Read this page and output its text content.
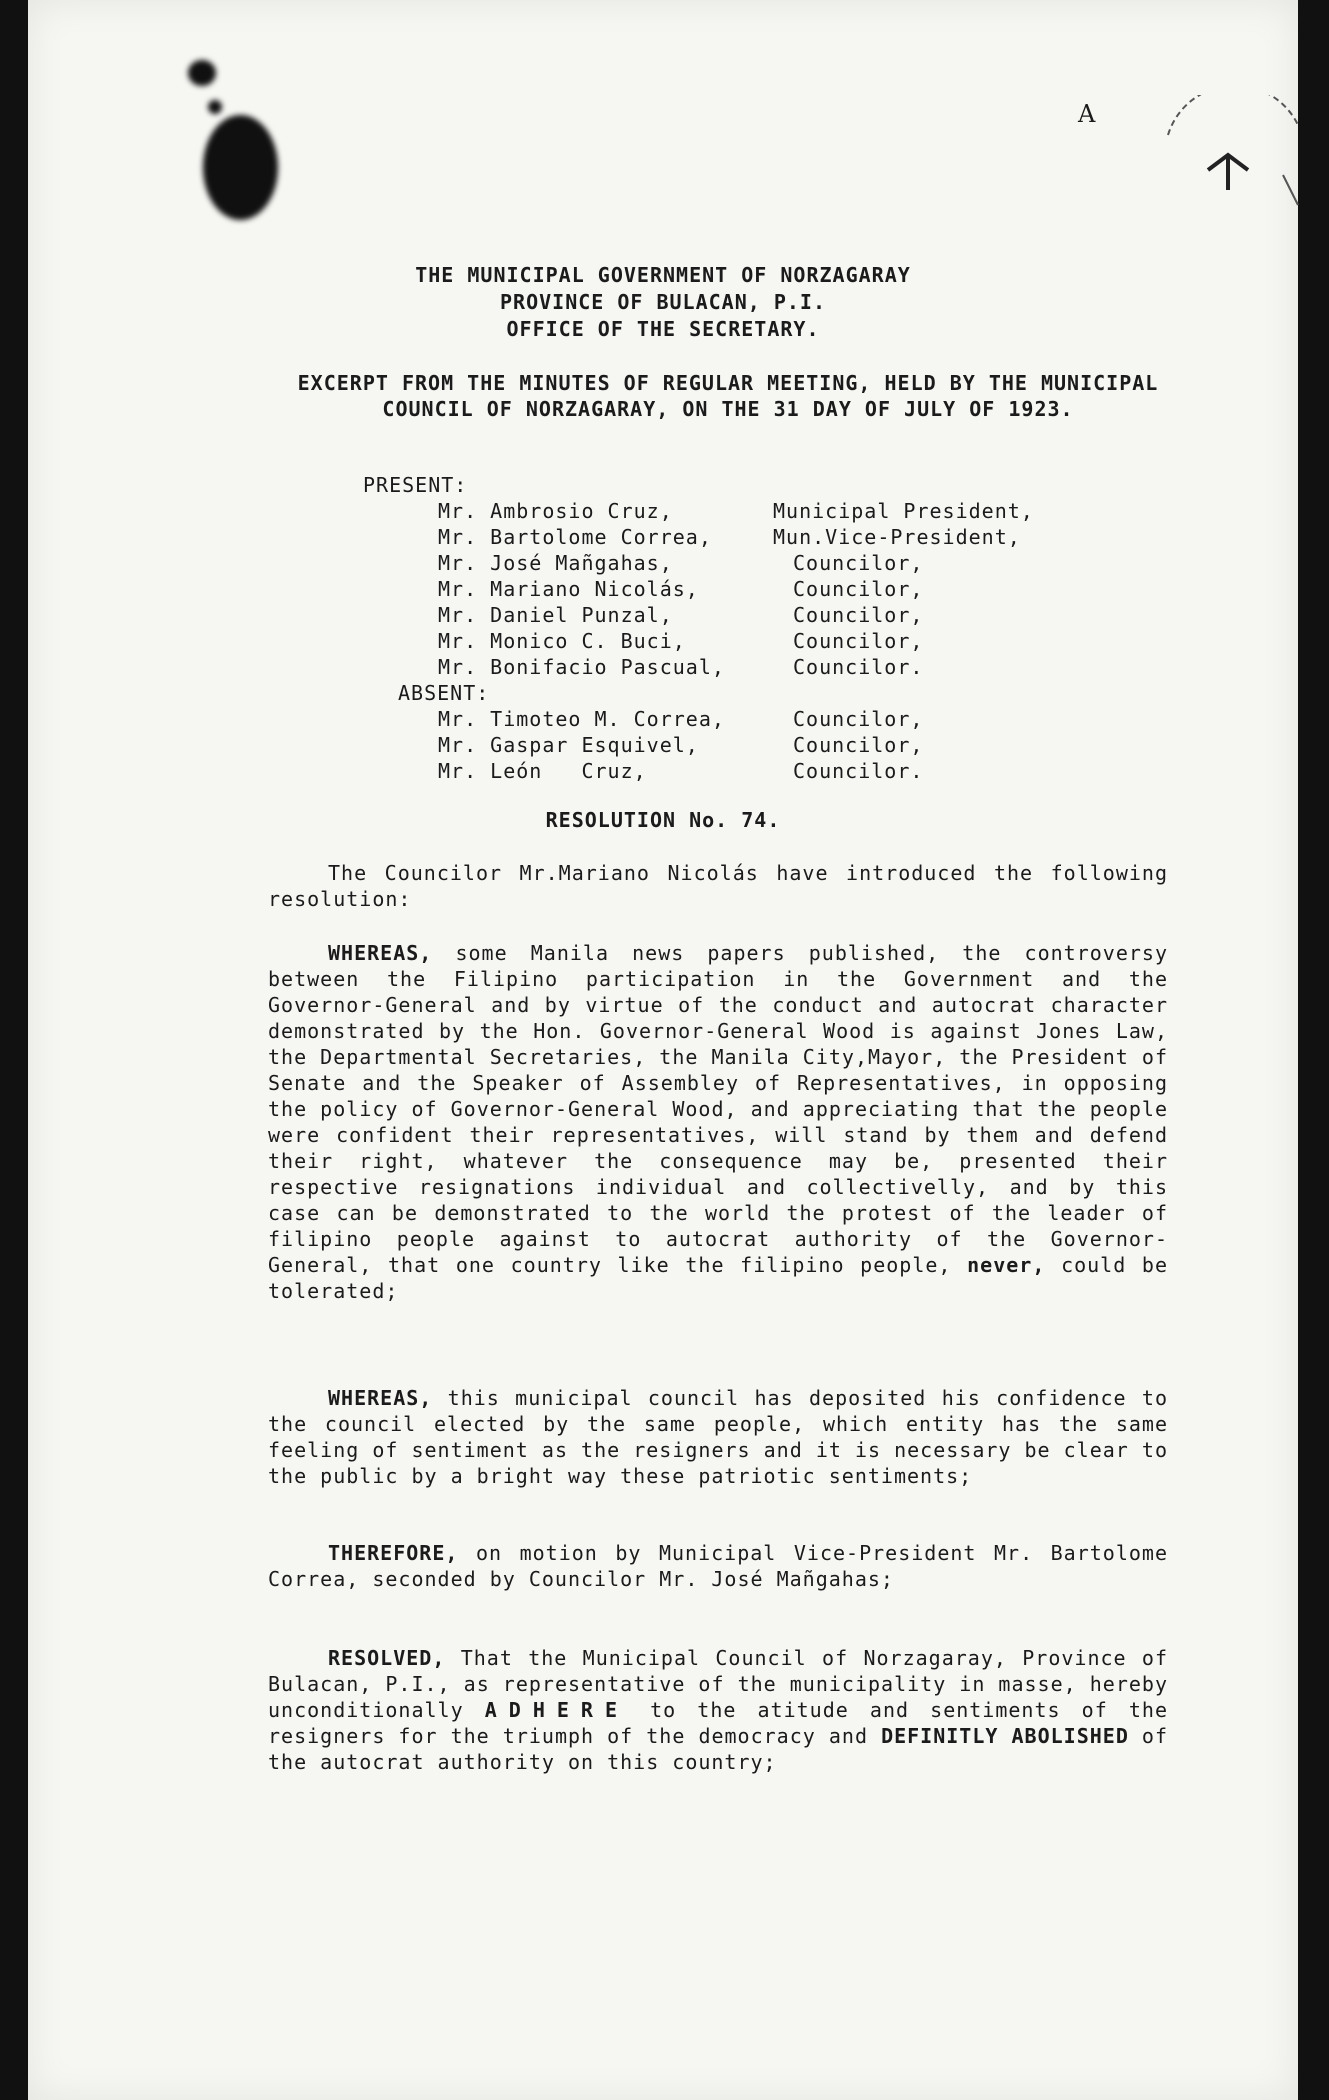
A
THE MUNICIPAL GOVERNMENT OF NORZAGARAY
PROVINCE OF BULACAN, P.I.
OFFICE OF THE SECRETARY.
EXCERPT FROM THE MINUTES OF REGULAR MEETING, HELD BY THE MUNICIPAL COUNCIL OF NORZAGARAY, ON THE 31 DAY OF JULY OF 1923.
PRESENT:
Mr. Ambrosio Cruz,	Municipal President,
Mr. Bartolome Correa,	Mun.Vice-President,
Mr. José Mañgahas,	Councilor,
Mr. Mariano Nicolás,	Councilor,
Mr. Daniel Punzal,	Councilor,
Mr. Monico C. Buci,	Councilor,
Mr. Bonifacio Pascual,	Councilor.
ABSENT:
Mr. Timoteo M. Correa,	Councilor,
Mr. Gaspar Esquivel,	Councilor,
Mr. León   Cruz,	Councilor.
RESOLUTION No. 74.
The Councilor Mr.Mariano Nicolás have introduced the following resolution:
WHEREAS, some Manila news papers published, the controversy between the Filipino participation in the Government and the Governor-General and by virtue of the conduct and autocrat character demonstrated by the Hon. Governor-General Wood is against Jones Law, the Departmental Secretaries, the Manila City,Mayor, the President of Senate and the Speaker of Assembley of Representatives, in opposing the policy of Governor-General Wood, and appreciating that the people were confident their representatives, will stand by them and defend their right, whatever the consequence may be, presented their respective resignations individual and collectivelly, and by this case can be demonstrated to the world the protest of the leader of filipino people against to autocrat authority of the Governor-General, that one country like the filipino people, never, could be tolerated;
WHEREAS, this municipal council has deposited his confidence to the council elected by the same people, which entity has the same feeling of sentiment as the resigners and it is necessary be clear to the public by a bright way these patriotic sentiments;
THEREFORE, on motion by Municipal Vice-President Mr. Bartolome Correa, seconded by Councilor Mr. José Mañgahas;
RESOLVED, That the Municipal Council of Norzagaray, Province of Bulacan, P.I., as representative of the municipality in masse, hereby unconditionally ADHERE to the atitude and sentiments of the resigners for the triumph of the democracy and DEFINITLY ABOLISHED of the autocrat authority on this country;
